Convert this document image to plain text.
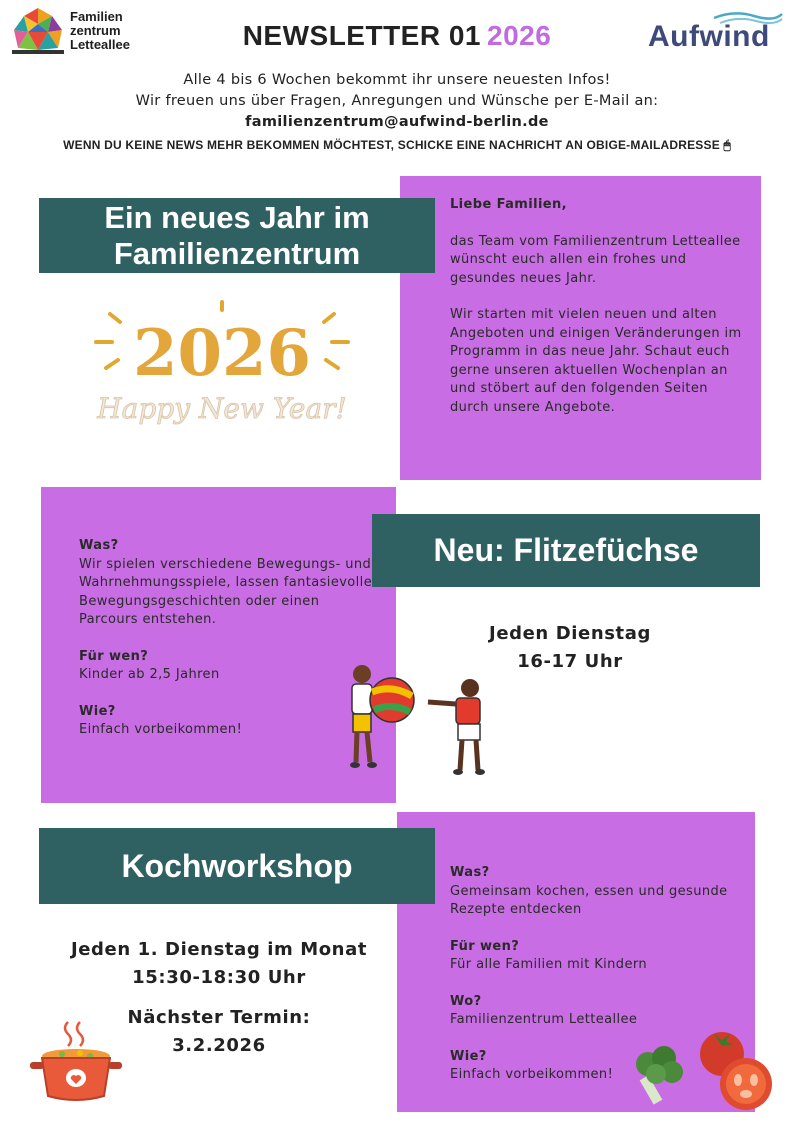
Familien
zentrum
Letteallee	NEWSLETTER 01 2026	Aufwind
Alle 4 bis 6 Wochen bekommt ihr unsere neuesten Infos!
Wir freuen uns über Fragen, Anregungen und Wünsche per E-Mail an:
familienzentrum@aufwind-berlin.de
WENN DU KEINE NEWS MEHR BEKOMMEN MÖCHTEST, SCHICKE EINE NACHRICHT AN OBIGE-MAILADRESSE 🖱
Liebe Familien,
das Team vom Familienzentrum Letteallee wünscht euch allen ein frohes und gesundes neues Jahr.
Wir starten mit vielen neuen und alten Angeboten und einigen Veränderungen im Programm in das neue Jahr. Schaut euch gerne unseren aktuellen Wochenplan an und stöbert auf den folgenden Seiten durch unsere Angebote.
Ein neues Jahr im
Familienzentrum
2026
Happy New Year!
Was?
Wir spielen verschiedene Bewegungs- und Wahrnehmungsspiele, lassen fantasievolle Bewegungsgeschichten oder einen Parcours entstehen.
Für wen?
Kinder ab 2,5 Jahren
Wie?
Einfach vorbeikommen!
Neu: Flitzefüchse
Jeden Dienstag
16-17 Uhr
Was?
Gemeinsam kochen, essen und gesunde Rezepte entdecken
Für wen?
Für alle Familien mit Kindern
Wo?
Familienzentrum Letteallee
Wie?
Einfach vorbeikommen!
Kochworkshop
Jeden 1. Dienstag im Monat
15:30-18:30 Uhr
Nächster Termin:
3.2.2026
